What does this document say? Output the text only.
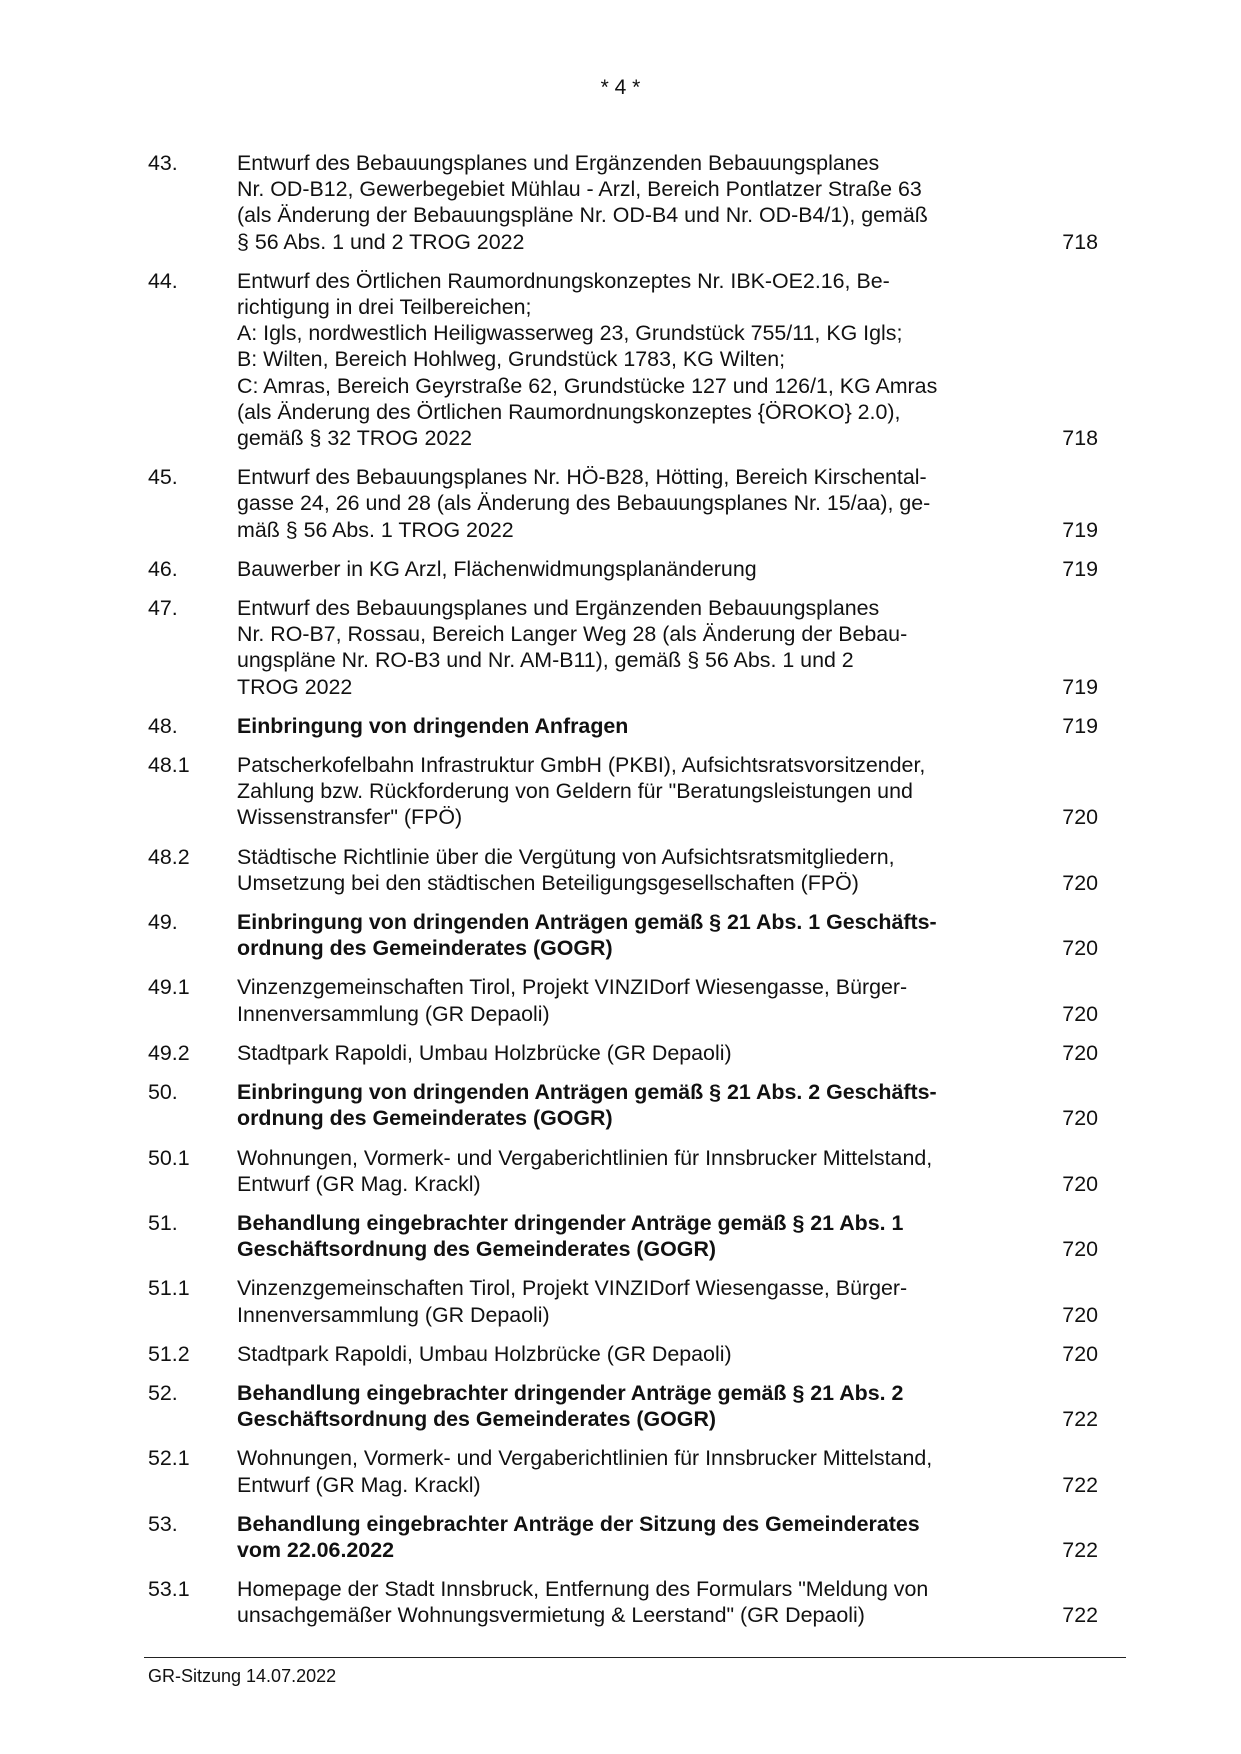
* 4 *
43.	Entwurf des Bebauungsplanes und Ergänzenden Bebauungsplanes
Nr. OD-B12, Gewerbegebiet Mühlau - Arzl, Bereich Pontlatzer Straße 63
(als Änderung der Bebauungspläne Nr. OD-B4 und Nr. OD-B4/1), gemäß
§ 56 Abs. 1 und 2 TROG 2022	718
44.	Entwurf des Örtlichen Raumordnungskonzeptes Nr. IBK-OE2.16, Be-
richtigung in drei Teilbereichen;
A: Igls, nordwestlich Heiligwasserweg 23, Grundstück 755/11, KG Igls;
B: Wilten, Bereich Hohlweg, Grundstück 1783, KG Wilten;
C: Amras, Bereich Geyrstraße 62, Grundstücke 127 und 126/1, KG Amras
(als Änderung des Örtlichen Raumordnungskonzeptes {ÖROKO} 2.0),
gemäß § 32 TROG 2022	718
45.	Entwurf des Bebauungsplanes Nr. HÖ-B28, Hötting, Bereich Kirschental-
gasse 24, 26 und 28 (als Änderung des Bebauungsplanes Nr. 15/aa), ge-
mäß § 56 Abs. 1 TROG 2022	719
46.	Bauwerber in KG Arzl, Flächenwidmungsplanänderung	719
47.	Entwurf des Bebauungsplanes und Ergänzenden Bebauungsplanes
Nr. RO-B7, Rossau, Bereich Langer Weg 28 (als Änderung der Bebau-
ungspläne Nr. RO-B3 und Nr. AM-B11), gemäß § 56 Abs. 1 und 2
TROG 2022	719
48.	Einbringung von dringenden Anfragen	719
48.1	Patscherkofelbahn Infrastruktur GmbH (PKBI), Aufsichtsratsvorsitzender,
Zahlung bzw. Rückforderung von Geldern für "Beratungsleistungen und
Wissenstransfer" (FPÖ)	720
48.2	Städtische Richtlinie über die Vergütung von Aufsichtsratsmitgliedern,
Umsetzung bei den städtischen Beteiligungsgesellschaften (FPÖ)	720
49.	Einbringung von dringenden Anträgen gemäß § 21 Abs. 1 Geschäfts-
ordnung des Gemeinderates (GOGR)	720
49.1	Vinzenzgemeinschaften Tirol, Projekt VINZIDorf Wiesengasse, Bürger-
Innenversammlung (GR Depaoli)	720
49.2	Stadtpark Rapoldi, Umbau Holzbrücke (GR Depaoli)	720
50.	Einbringung von dringenden Anträgen gemäß § 21 Abs. 2 Geschäfts-
ordnung des Gemeinderates (GOGR)	720
50.1	Wohnungen, Vormerk- und Vergaberichtlinien für Innsbrucker Mittelstand,
Entwurf (GR Mag. Krackl)	720
51.	Behandlung eingebrachter dringender Anträge gemäß § 21 Abs. 1
Geschäftsordnung des Gemeinderates (GOGR)	720
51.1	Vinzenzgemeinschaften Tirol, Projekt VINZIDorf Wiesengasse, Bürger-
Innenversammlung (GR Depaoli)	720
51.2	Stadtpark Rapoldi, Umbau Holzbrücke (GR Depaoli)	720
52.	Behandlung eingebrachter dringender Anträge gemäß § 21 Abs. 2
Geschäftsordnung des Gemeinderates (GOGR)	722
52.1	Wohnungen, Vormerk- und Vergaberichtlinien für Innsbrucker Mittelstand,
Entwurf (GR Mag. Krackl)	722
53.	Behandlung eingebrachter Anträge der Sitzung des Gemeinderates
vom 22.06.2022	722
53.1	Homepage der Stadt Innsbruck, Entfernung des Formulars "Meldung von
unsachgemäßer Wohnungsvermietung & Leerstand" (GR Depaoli)	722
GR-Sitzung 14.07.2022
